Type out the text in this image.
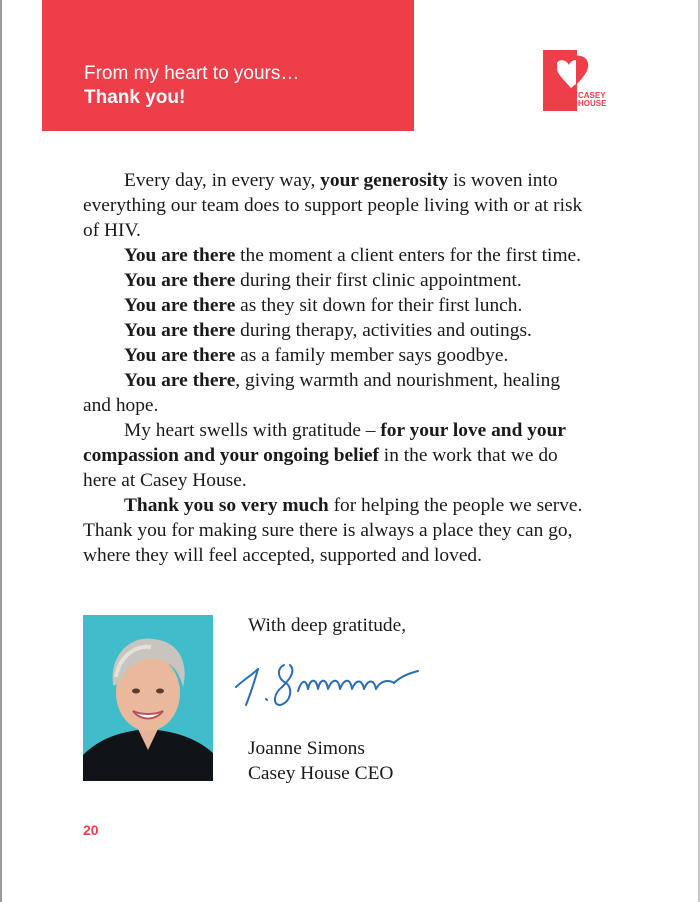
From my heart to yours…
Thank you!	CASEY
HOUSE

Every day, in every way, your generosity is woven into everything our team does to support people living with or at risk of HIV.

You are there the moment a client enters for the first time.

You are there during their first clinic appointment.

You are there as they sit down for their first lunch.

You are there during therapy, activities and outings.

You are there as a family member says goodbye.

You are there, giving warmth and nourishment, healing and hope.

My heart swells with gratitude – for your love and your compassion and your ongoing belief in the work that we do here at Casey House.

Thank you so very much for helping the people we serve. Thank you for making sure there is always a place they can go, where they will feel accepted, supported and loved.

With deep gratitude,
Joanne Simons
Casey House CEO
20
